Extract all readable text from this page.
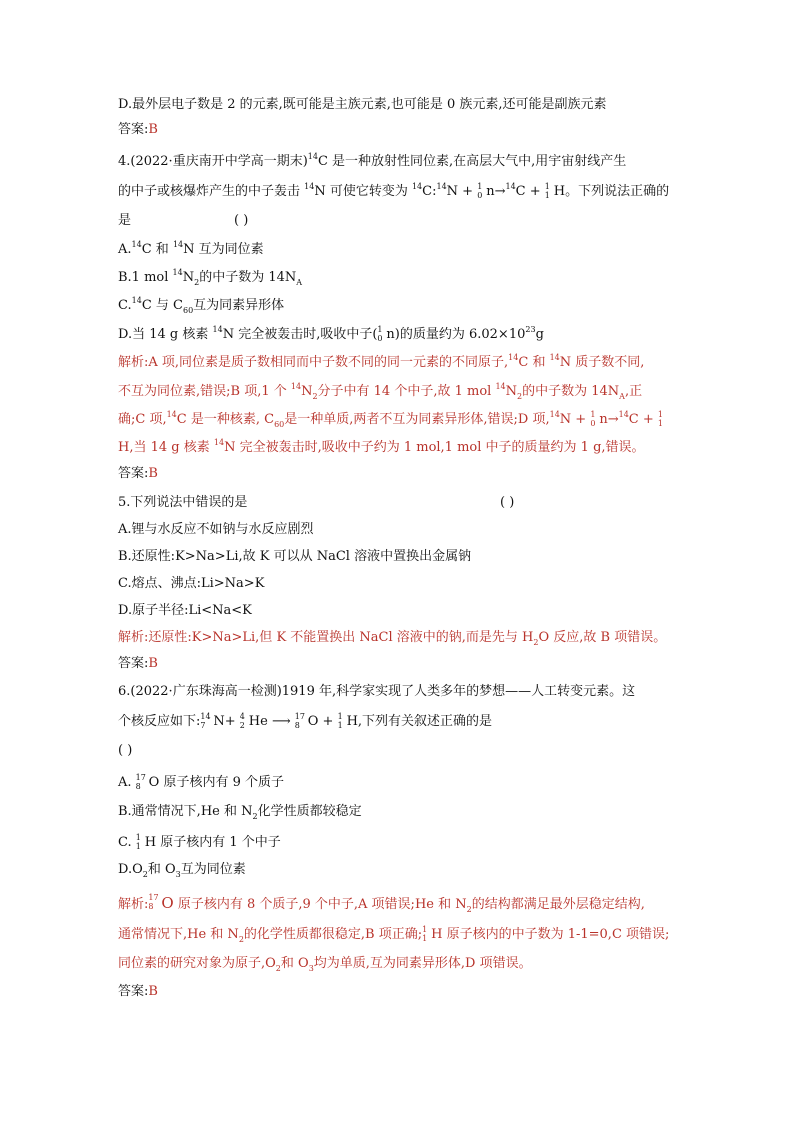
D.最外层电子数是 2 的元素,既可能是主族元素,也可能是 0 族元素,还可能是副族元素
答案:B
4.(2022·重庆南开中学高一期末)$^{14}$C 是一种放射性同位素,在高层大气中,用宇宙射线产生
的中子或核爆炸产生的中子轰击 $^{14}$N 可使它转变为 $^{14}$C:$^{14}$N + 1
0 n→$^{14}$C + 1
1 H。下列说法正确的
是	( )
A.$^{14}$C 和 $^{14}$N 互为同位素
B.1 mol $^{14}N_2$的中子数为 $14N_A$
C.$^{14}$C 与 $C_{60}$互为同素异形体
D.当 14 g 核素 $^{14}$N 完全被轰击时,吸收中子( 1
0 n)的质量约为 $6.02\times 10^{23}g$
解析:A 项,同位素是质子数相同而中子数不同的同一元素的不同原子,$^{14}$C 和 $^{14}$N 质子数不同,
不互为同位素,错误;B 项,1 个 $^{14}N_2$分子中有 14 个中子,故 1 mol $^{14}N_2$的中子数为 $14N_A$,正
确;C 项,$^{14}$C 是一种核素, $C_{60}$是一种单质,两者不互为同素异形体,错误;D 项,$^{14}$N + 1
0 n→$^{14}$C + 1
1
H,当 14 g 核素 $^{14}$N 完全被轰击时,吸收中子约为 1 mol,1 mol 中子的质量约为 1 g,错误。
答案:B
5.下列说法中错误的是	( )
A.锂与水反应不如钠与水反应剧烈
B.还原性:K>Na>Li,故 K 可以从 NaCl 溶液中置换出金属钠
C.熔点、沸点:Li>Na>K
D.原子半径:Li<Na<K
解析:还原性:K>Na>Li,但 K 不能置换出 NaCl 溶液中的钠,而是先与 $H_2O$ 反应,故 B 项错误。
答案:B
6.(2022·广东珠海高一检测)1919 年,科学家实现了人类多年的梦想——人工转变元素。这
个核反应如下: 14
7 N+ 4
2 He ⟶ 17
8 O + 1
1 H,下列有关叙述正确的是
( )
A. 17
8 O 原子核内有 9 个质子
B.通常情况下,He 和 $N_2$化学性质都较稳定
C. 1
1 H 原子核内有 1 个中子
$D.O_2$和 $O_3$互为同位素
解析: 17
8 O 原子核内有 8 个质子,9 个中子,A 项错误;He 和 $N_2$的结构都满足最外层稳定结构,
通常情况下,He 和 $N_2$的化学性质都很稳定,B 项正确; 1
1 H 原子核内的中子数为 1-1=0,C 项错误;
同位素的研究对象为原子$,O_2$和 $O_3$均为单质,互为同素异形体,D 项错误。
答案:B
